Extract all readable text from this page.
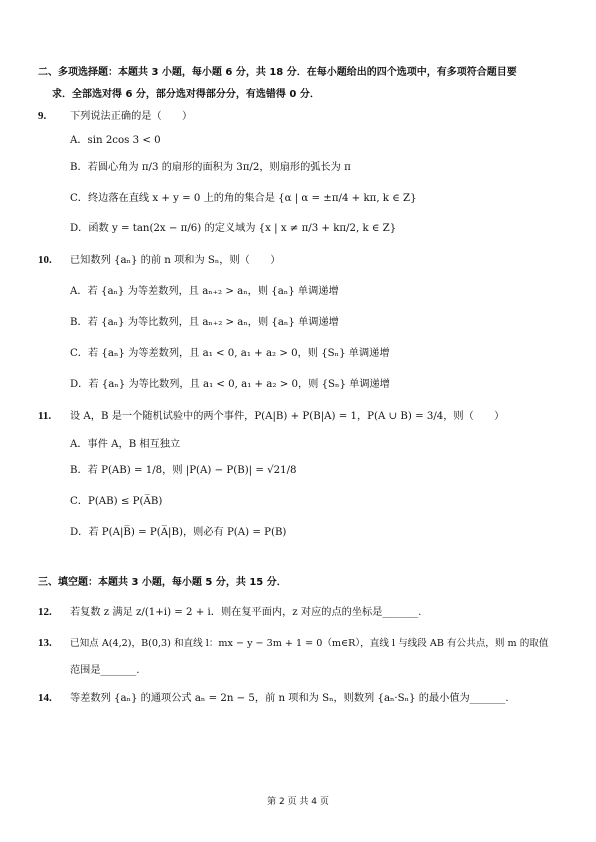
二、多项选择题：本题共 3 小题，每小题 6 分，共 18 分．在每小题给出的四个选项中，有多项符合题目要
求．全部选对得 6 分，部分选对得部分分，有选错得 0 分．
9. 下列说法正确的是（　　）
A．sin 2cos 3 < 0
B．若圆心角为 π/3 的扇形的面积为 3π/2，则扇形的弧长为 π
C．终边落在直线 x + y = 0 上的角的集合是 {α | α = ±π/4 + kπ, k ∈ Z}
D．函数 y = tan(2x − π/6) 的定义域为 {x | x ≠ π/3 + kπ/2, k ∈ Z}
10. 已知数列 {aₙ} 的前 n 项和为 Sₙ，则（　　）
A．若 {aₙ} 为等差数列，且 aₙ₊₂ > aₙ，则 {aₙ} 单调递增
B．若 {aₙ} 为等比数列，且 aₙ₊₂ > aₙ，则 {aₙ} 单调递增
C．若 {aₙ} 为等差数列，且 a₁ < 0, a₁ + a₂ > 0，则 {Sₙ} 单调递增
D．若 {aₙ} 为等比数列，且 a₁ < 0, a₁ + a₂ > 0，则 {Sₙ} 单调递增
11. 设 A，B 是一个随机试验中的两个事件，P(A|B) + P(B|A) = 1，P(A ∪ B) = 3/4，则（　　）
A．事件 A，B 相互独立
B．若 P(AB) = 1/8，则 |P(A) − P(B)| = √21/8
C．P(AB) ≤ P(A̅B)
D．若 P(A|B̅) = P(A̅|B)，则必有 P(A) = P(B)
三、填空题：本题共 3 小题，每小题 5 分，共 15 分．
12. 若复数 z 满足 z/(1+i) = 2 + i．则在复平面内，z 对应的点的坐标是_______.
13. 已知点 A(4,2)，B(0,3) 和直线 l：mx − y − 3m + 1 = 0（m∈R），直线 l 与线段 AB 有公共点，则 m 的取值
范围是_______.
14. 等差数列 {aₙ} 的通项公式 aₙ = 2n − 5，前 n 项和为 Sₙ，则数列 {aₙ·Sₙ} 的最小值为_______.
第 2 页 共 4 页
